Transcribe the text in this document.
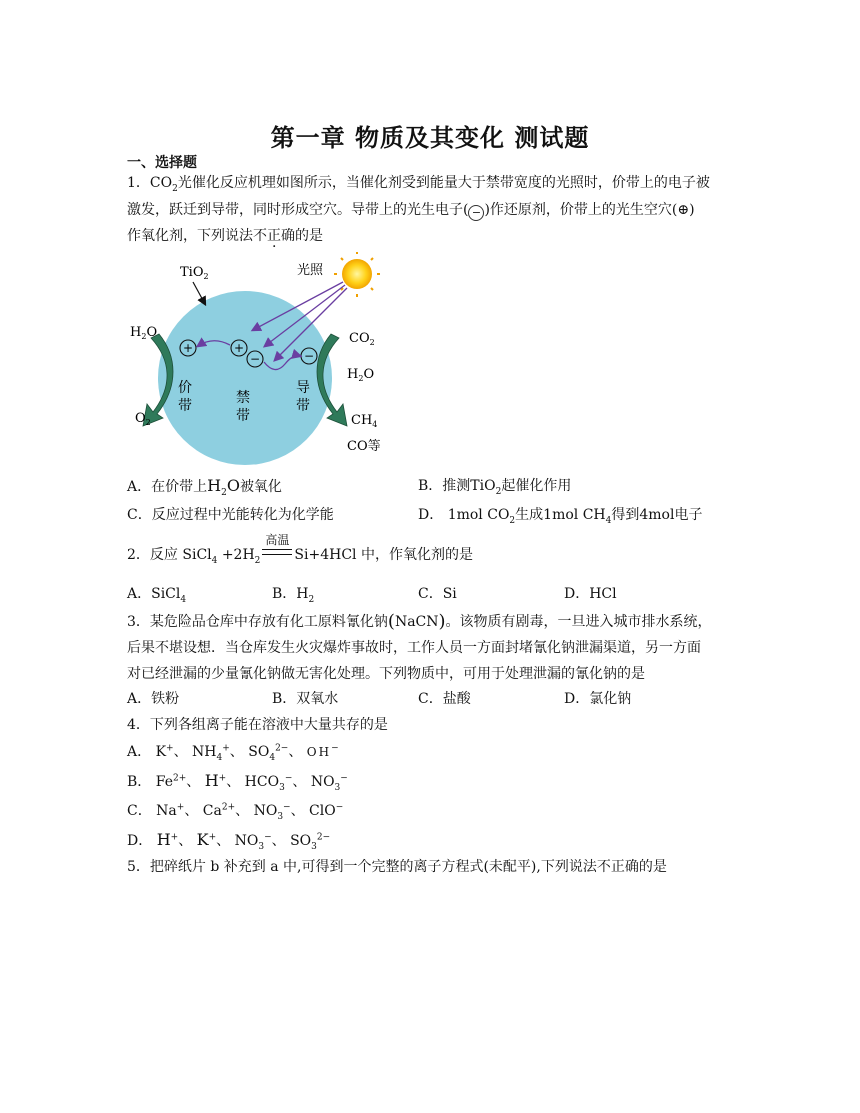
第一章 物质及其变化 测试题
一、选择题
1．$CO_2$光催化反应机理如图所示，当催化剂受到能量大于禁带宽度的光照时，价带上的电子被
激发，跃迁到导带，同时形成空穴。导带上的光生电子( − )作还原剂，价带上的光生空穴(⊕)
作氧化剂，下列说法不正确的是
TiO$_2$	光照
+	+
−	−
价
带	禁
带
导
带
$H_2O$
$O_2$
$CO_2$
$H_2O$
$CH_4$
CO等
A．在价带上$H_2O$被氧化	B．推测TiO$_2$起催化作用
C．反应过程中光能转化为化学能	D． 1mol $CO_2$生成1mol $CH_4$得到4mol电子
2．反应 SiCl$_4$ $+2H_2$
高温
Si+4HCl 中，作氧化剂的是
A．SiCl$_4$	B．$H_2$	C．Si	D．HCl
3．某危险品仓库中存放有化工原料氰化钠(NaCN)。该物质有剧毒，一旦进入城市排水系统，
后果不堪设想．当仓库发生火灾爆炸事故时，工作人员一方面封堵氰化钠泄漏渠道，另一方面
对已经泄漏的少量氰化钠做无害化处理。下列物质中，可用于处理泄漏的氰化钠的是
A．铁粉	B．双氧水	C．盐酸	D．氯化钠
4．下列各组离子能在溶液中大量共存的是
A． K+、 $NH_4^+$、 $SO_4^{2-}$、 OH−
B． $Fe^{2+}$、 H+、 $HCO_3^-$、 $NO_3^-$
C． Na+、 $Ca^{2+}$、 $NO_3^-$、 ClO−
D． H+、 K+、 $NO_3^-$、 $SO_3^{2-}$
5．把碎纸片 b 补充到 a 中,可得到一个完整的离子方程式(未配平),下列说法不正确的是
